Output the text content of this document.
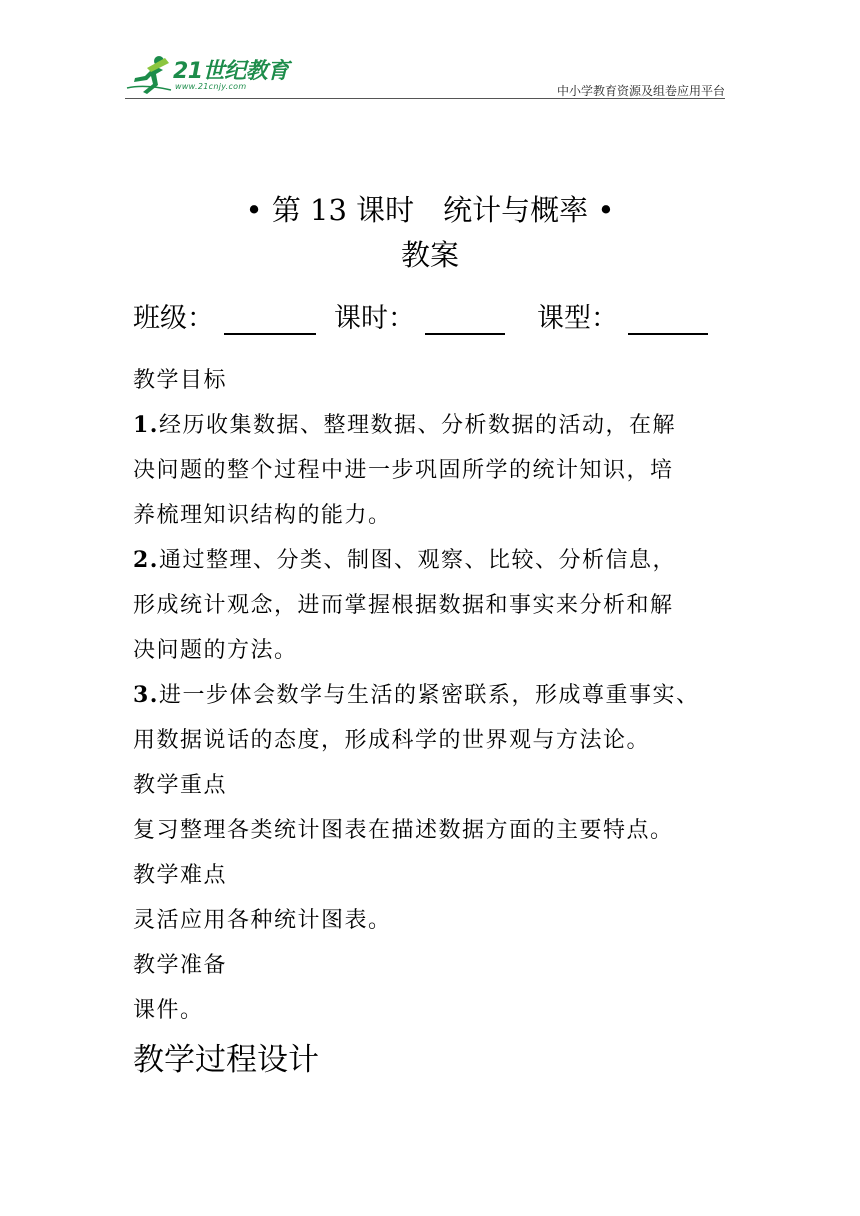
21世纪教育
www.21cnjy.com	中小学教育资源及组卷应用平台
• 第 13 课时　统计与概率 •
教案
班级：	课时：	课型：
教学目标
1.经历收集数据、整理数据、分析数据的活动，在解
决问题的整个过程中进一步巩固所学的统计知识，培
养梳理知识结构的能力。
2.通过整理、分类、制图、观察、比较、分析信息，
形成统计观念，进而掌握根据数据和事实来分析和解
决问题的方法。
3.进一步体会数学与生活的紧密联系，形成尊重事实、
用数据说话的态度，形成科学的世界观与方法论。
教学重点
复习整理各类统计图表在描述数据方面的主要特点。
教学难点
灵活应用各种统计图表。
教学准备
课件。
教学过程设计
